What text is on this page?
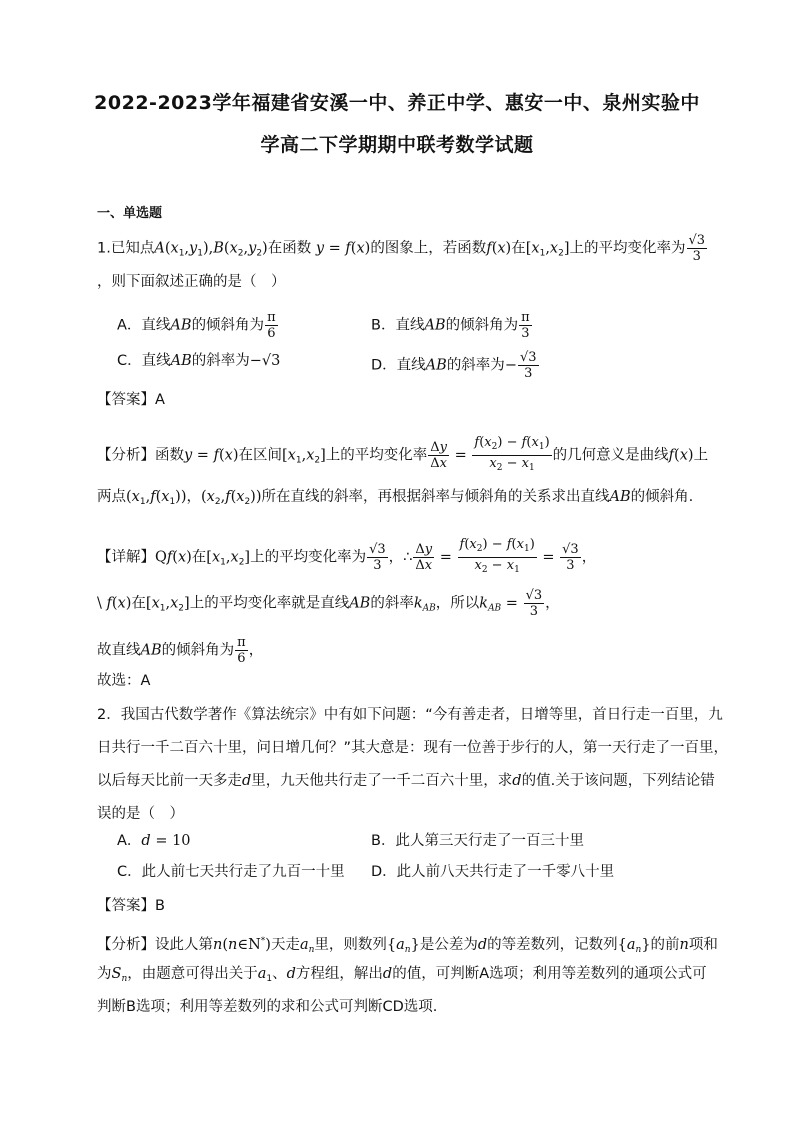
2022-2023学年福建省安溪一中、养正中学、惠安一中、泉州实验中
学高二下学期期中联考数学试题
一、单选题
1.已知点$A(x_1,y_1),B(x_2,y_2)$在函数 y = f(x)的图象上，若函数f(x)在$[x_1,x_2]$上的平均变化率为 $\frac{√3}{3}$
，则下面叙述正确的是（　）
A．直线AB的倾斜角为 $\frac{\pi}{6}$	B．直线AB的倾斜角为 $\frac{\pi}{3}$
C．直线AB的斜率为−√3	D．直线AB的斜率为− $\frac{√3}{3}$
【答案】A
【分析】函数y = f(x)在区间$[x_1,x_2]$上的平均变化率 $\frac{\Delta y}{\Delta x} = \frac{f(x_2) - f(x_1)}{x_2 - x_1}$ 的几何意义是曲线f(x)上
两点$(x_1,f(x_1))$，$(x_2,f(x_2))$所在直线的斜率，再根据斜率与倾斜角的关系求出直线AB的倾斜角.
【详解】Qf(x)在$[x_1,x_2]$上的平均变化率为 $\frac{√3}{3}$ ，∴ $\frac{\Delta y}{\Delta x} = \frac{f(x_2) - f(x_1)}{x_2 - x_1} = \frac{√3}{3}$ ，
\ f(x)在$[x_1,x_2]$上的平均变化率就是直线AB的斜率$k_{AB}$，所以$k_{AB} = \frac{√3}{3}$ ，
故直线AB的倾斜角为 $\frac{\pi}{6}$ ，
故选：A
2．我国古代数学著作《算法统宗》中有如下问题：“今有善走者，日增等里，首日行走一百里，九
日共行一千二百六十里，问日增几何？”其大意是：现有一位善于步行的人，第一天行走了一百里，
以后每天比前一天多走d里，九天他共行走了一千二百六十里，求d的值.关于该问题，下列结论错
误的是（　）
A．d = 10	B．此人第三天行走了一百三十里
C．此人前七天共行走了九百一十里 D．此人前八天共行走了一千零八十里
【答案】B
【分析】设此人第n(n∈N*)天走$a_n$里，则数列$\{a_n\}$是公差为d的等差数列，记数列$\{a_n\}$的前n项和
为$S_n$，由题意可得出关于$a_1$、d方程组，解出d的值，可判断A选项；利用等差数列的通项公式可
判断B选项；利用等差数列的求和公式可判断CD选项.
